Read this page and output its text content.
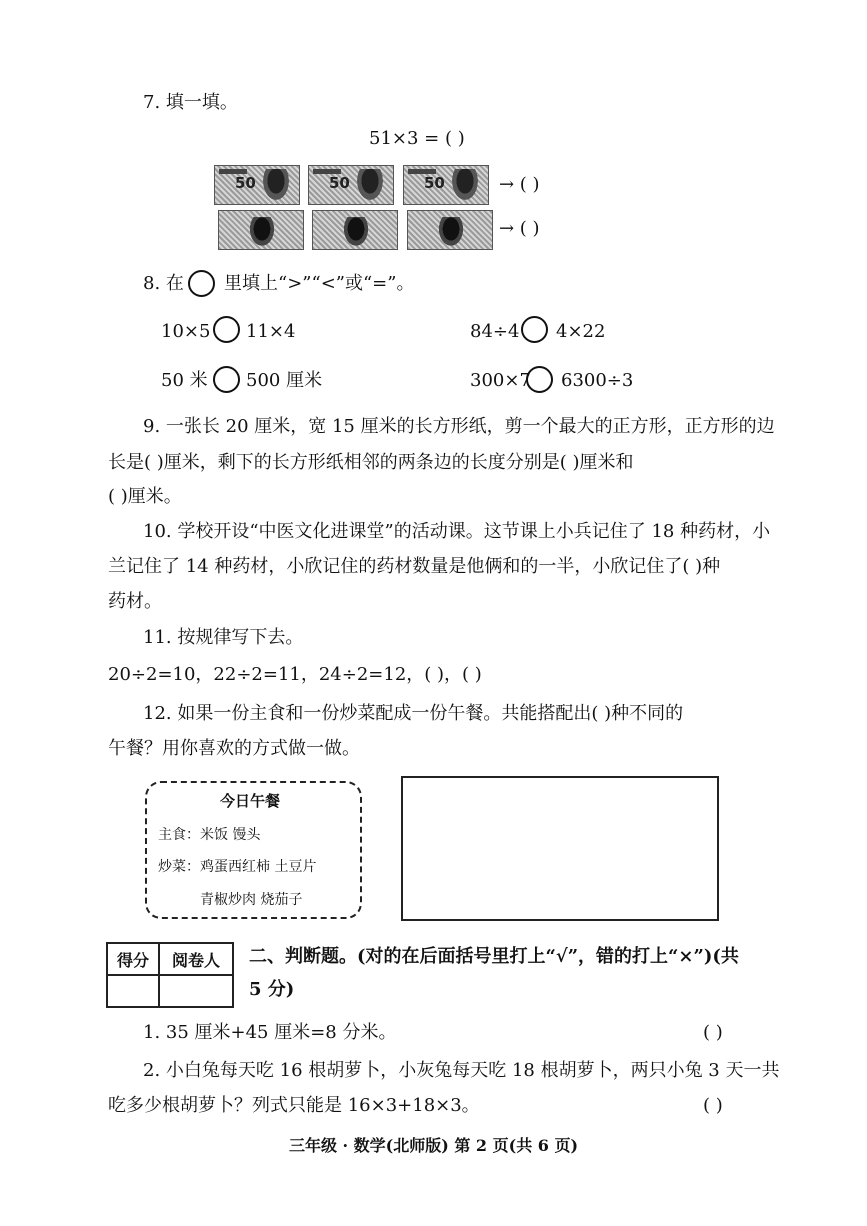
7. 填一填。
51×3 = ( )
50	50	50	→ ( )
→ ( )
8. 在 里填上“>”“<”或“=”。
10×5 11×4	84÷4 4×22
50 米 500 厘米	300×7 6300÷3
9. 一张长 20 厘米，宽 15 厘米的长方形纸，剪一个最大的正方形，正方形的边
长是( )厘米，剩下的长方形纸相邻的两条边的长度分别是( )厘米和
( )厘米。
10. 学校开设“中医文化进课堂”的活动课。这节课上小兵记住了 18 种药材，小
兰记住了 14 种药材，小欣记住的药材数量是他俩和的一半，小欣记住了( )种
药材。
11. 按规律写下去。
20÷2=10，22÷2=11，24÷2=12，( )，( )
12. 如果一份主食和一份炒菜配成一份午餐。共能搭配出( )种不同的
午餐？用你喜欢的方式做一做。
今日午餐
主食：米饭 馒头
炒菜：鸡蛋西红柿 土豆片
青椒炒肉 烧茄子
得分	阅卷人
	二、判断题。(对的在后面括号里打上“√”，错的打上“×”)(共
5 分)
1. 35 厘米+45 厘米=8 分米。	( )
2. 小白兔每天吃 16 根胡萝卜，小灰兔每天吃 18 根胡萝卜，两只小兔 3 天一共
吃多少根胡萝卜？列式只能是 16×3+18×3。	( )
三年级 · 数学(北师版) 第 2 页(共 6 页)
